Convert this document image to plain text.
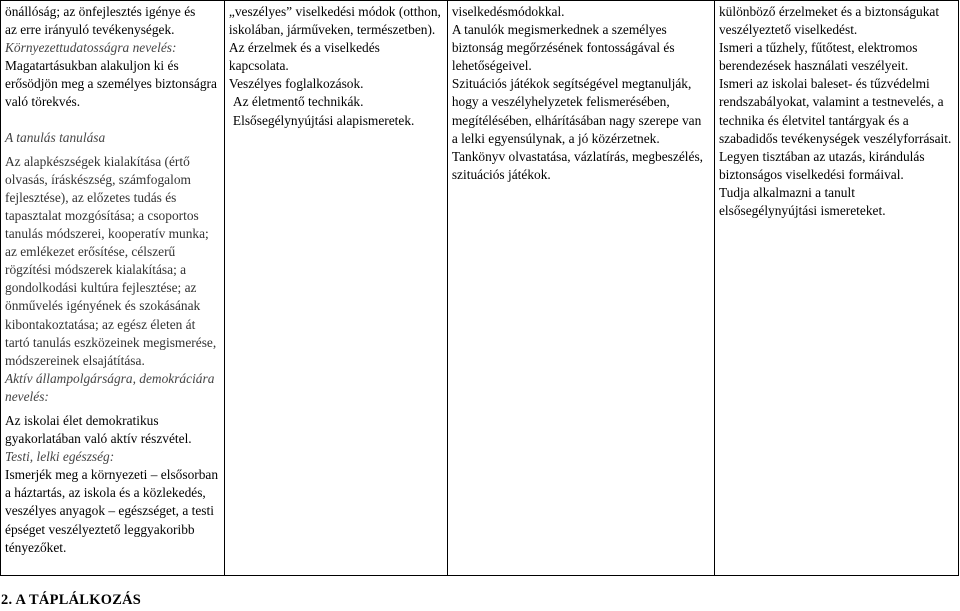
önállóság; az önfejlesztés igénye és
az erre irányuló tevékenységek.
Környezettudatosságra nevelés:
Magatartásukban alakuljon ki és erősödjön meg a személyes biztonságra való törekvés.
A tanulás tanulása
Az alapkészségek kialakítása (értő olvasás, íráskészség, számfogalom fejlesztése), az előzetes tudás és tapasztalat mozgósítása; a csoportos tanulás módszerei, kooperatív munka; az emlékezet erősítése, célszerű rögzítési módszerek kialakítása; a gondolkodási kultúra fejlesztése; az önművelés igényének és szokásának kibontakoztatása; az egész életen át tartó tanulás eszközeinek megismerése, módszereinek elsajátítása.
Aktív állampolgárságra, demokráciára nevelés:
Az iskolai élet demokratikus gyakorlatában való aktív részvétel.
Testi, lelki egészség:
Ismerjék meg a környezeti – elsősorban a háztartás, az iskola és a közlekedés, veszélyes anyagok – egészséget, a testi épséget veszélyeztető leggyakoribb tényezőket.

„veszélyes” viselkedési módok (otthon, iskolában, járműveken, természetben).
Az érzelmek és a viselkedés kapcsolata.
Veszélyes foglalkozások.
Az életmentő technikák.
Elsősegélynyújtási alapismeretek.

viselkedésmódokkal.
A tanulók megismerkednek a személyes biztonság megőrzésének fontosságával és lehetőségeivel.
Szituációs játékok segítségével megtanulják, hogy a veszélyhelyzetek felismerésében, megítélésében, elhárításában nagy szerepe van a lelki egyensúlynak, a jó közérzetnek.
Tankönyv olvastatása, vázlatírás, megbeszélés, szituációs játékok.

különböző érzelmeket és a biztonságukat veszélyeztető viselkedést.
Ismeri a tűzhely, fűtőtest, elektromos berendezések használati veszélyeit.
Ismeri az iskolai baleset- és tűzvédelmi rendszabályokat, valamint a testnevelés, a technika és életvitel tantárgyak és a szabadidős tevékenységek veszélyforrásait.
Legyen tisztában az utazás, kirándulás biztonságos viselkedési formáival.
Tudja alkalmazni a tanult elsősegélynyújtási ismereteket.
2. A TÁPLÁLKOZÁS
